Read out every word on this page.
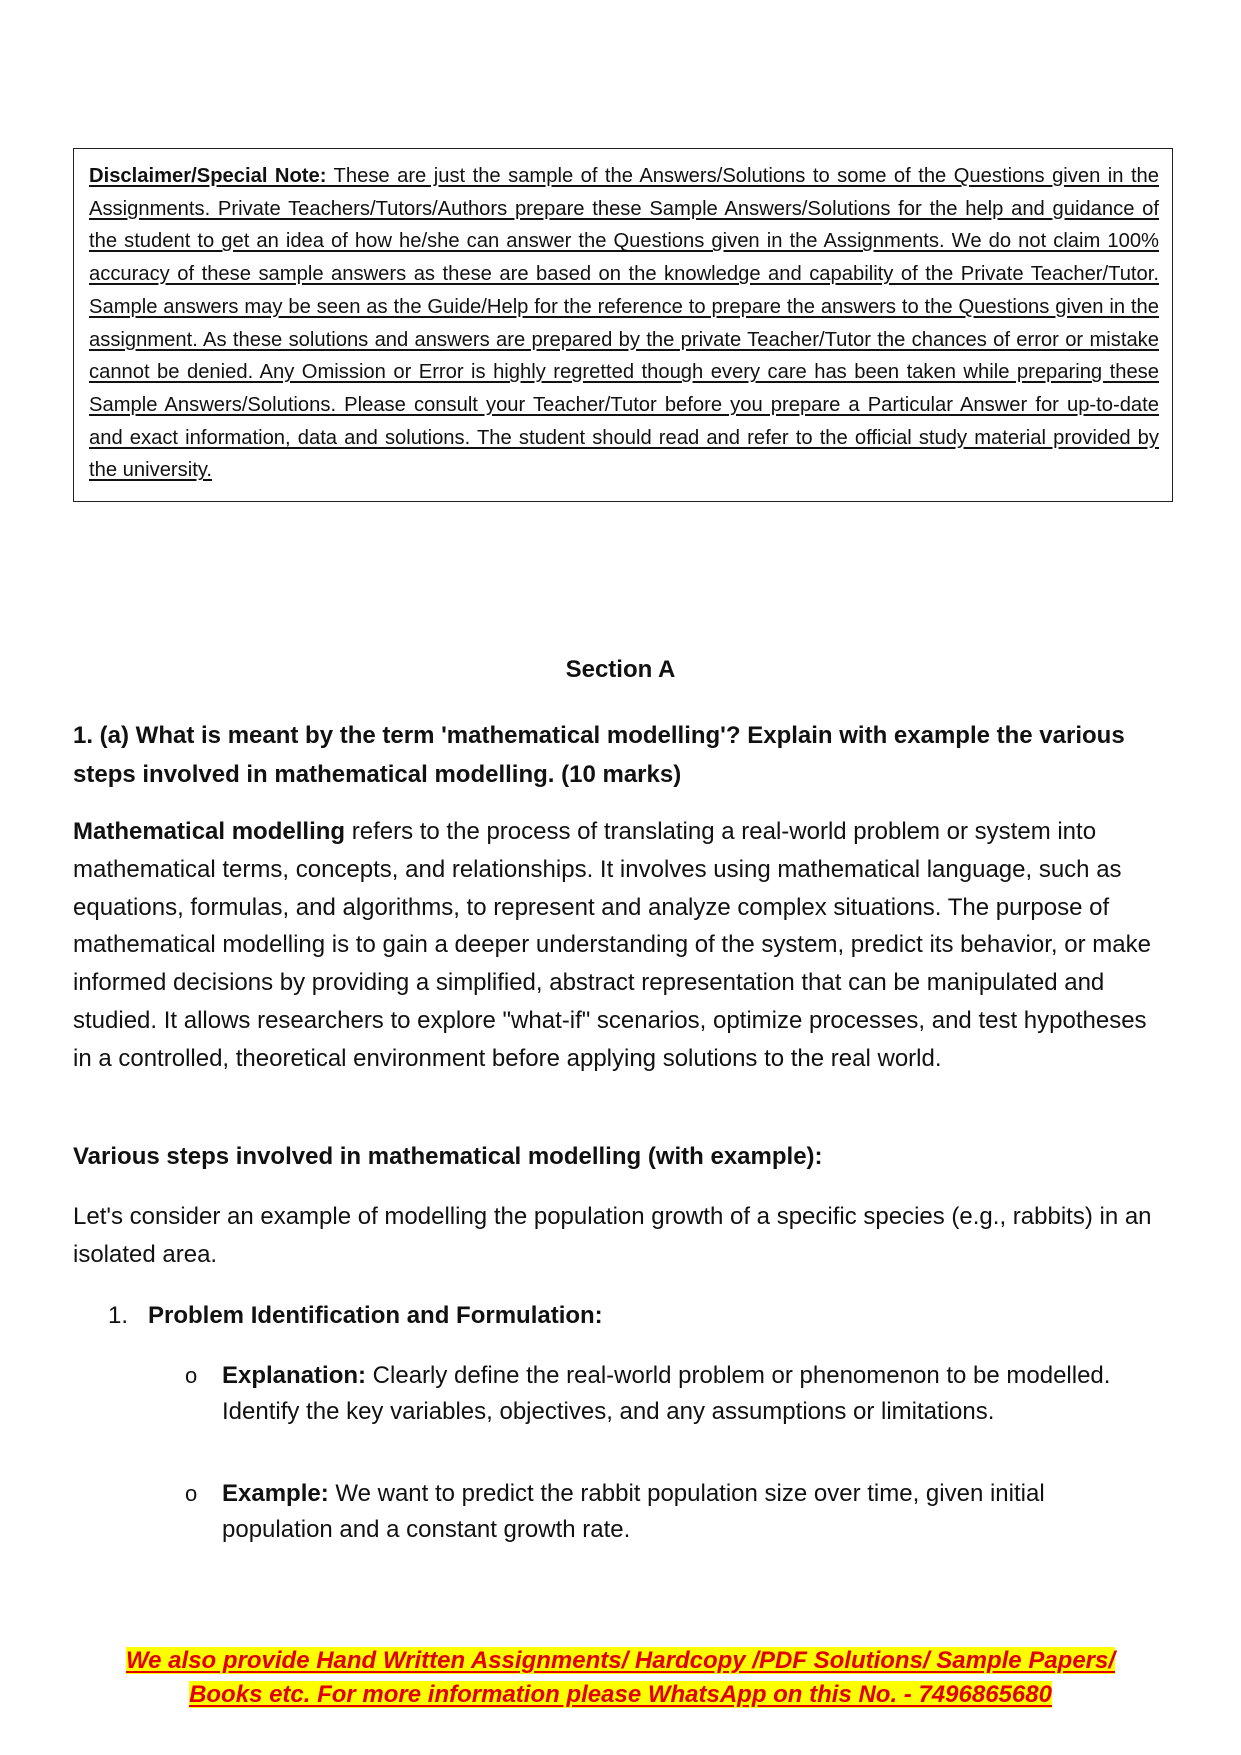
Disclaimer/Special Note: These are just the sample of the Answers/Solutions to some of the Questions given in the Assignments. Private Teachers/Tutors/Authors prepare these Sample Answers/Solutions for the help and guidance of the student to get an idea of how he/she can answer the Questions given in the Assignments. We do not claim 100% accuracy of these sample answers as these are based on the knowledge and capability of the Private Teacher/Tutor. Sample answers may be seen as the Guide/Help for the reference to prepare the answers to the Questions given in the assignment. As these solutions and answers are prepared by the private Teacher/Tutor the chances of error or mistake cannot be denied. Any Omission or Error is highly regretted though every care has been taken while preparing these Sample Answers/Solutions. Please consult your Teacher/Tutor before you prepare a Particular Answer for up-to-date and exact information, data and solutions. The student should read and refer to the official study material provided by the university.

Section A

1. (a) What is meant by the term 'mathematical modelling'? Explain with example the various steps involved in mathematical modelling. (10 marks)

Mathematical modelling refers to the process of translating a real-world problem or system into mathematical terms, concepts, and relationships. It involves using mathematical language, such as equations, formulas, and algorithms, to represent and analyze complex situations. The purpose of mathematical modelling is to gain a deeper understanding of the system, predict its behavior, or make informed decisions by providing a simplified, abstract representation that can be manipulated and studied. It allows researchers to explore "what-if" scenarios, optimize processes, and test hypotheses in a controlled, theoretical environment before applying solutions to the real world.

Various steps involved in mathematical modelling (with example):

Let's consider an example of modelling the population growth of a specific species (e.g., rabbits) in an isolated area.

1. Problem Identification and Formulation:
o Explanation: Clearly define the real-world problem or phenomenon to be modelled. Identify the key variables, objectives, and any assumptions or limitations.
o Example: We want to predict the rabbit population size over time, given initial population and a constant growth rate.
We also provide Hand Written Assignments/ Hardcopy /PDF Solutions/ Sample Papers/
Books etc. For more information please WhatsApp on this No. - 7496865680
